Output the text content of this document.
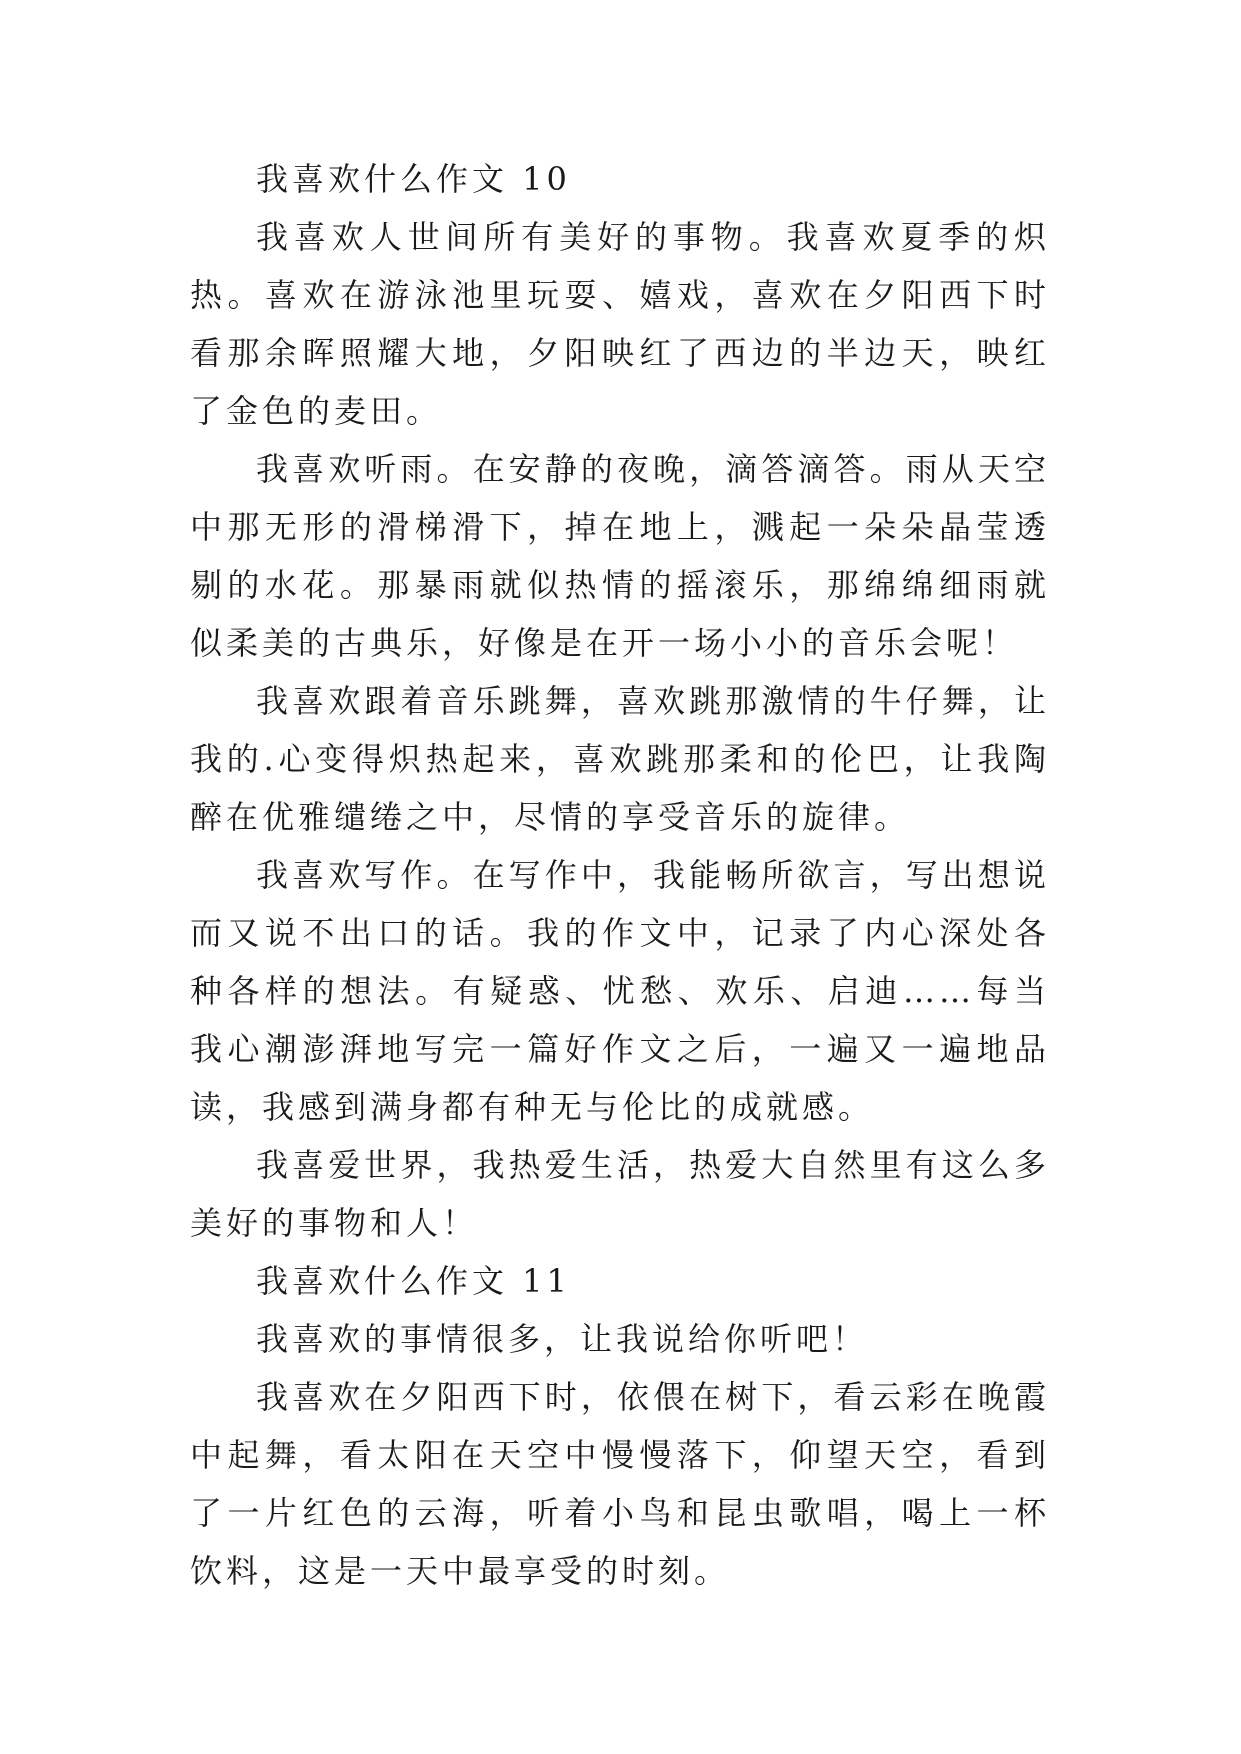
我喜欢什么作文 10

我喜欢人世间所有美好的事物。我喜欢夏季的炽热。喜欢在游泳池里玩耍、嬉戏，喜欢在夕阳西下时看那余晖照耀大地，夕阳映红了西边的半边天，映红了金色的麦田。

我喜欢听雨。在安静的夜晚，滴答滴答。雨从天空中那无形的滑梯滑下，掉在地上，溅起一朵朵晶莹透剔的水花。那暴雨就似热情的摇滚乐，那绵绵细雨就似柔美的古典乐，好像是在开一场小小的音乐会呢！

我喜欢跟着音乐跳舞，喜欢跳那激情的牛仔舞，让我的.心变得炽热起来，喜欢跳那柔和的伦巴，让我陶醉在优雅缱绻之中，尽情的享受音乐的旋律。

我喜欢写作。在写作中，我能畅所欲言，写出想说而又说不出口的话。我的作文中，记录了内心深处各种各样的想法。有疑惑、忧愁、欢乐、启迪……每当我心潮澎湃地写完一篇好作文之后，一遍又一遍地品读，我感到满身都有种无与伦比的成就感。

我喜爱世界，我热爱生活，热爱大自然里有这么多美好的事物和人！

我喜欢什么作文 11

我喜欢的事情很多，让我说给你听吧！

我喜欢在夕阳西下时，依偎在树下，看云彩在晚霞中起舞，看太阳在天空中慢慢落下，仰望天空，看到了一片红色的云海，听着小鸟和昆虫歌唱，喝上一杯饮料，这是一天中最享受的时刻。
